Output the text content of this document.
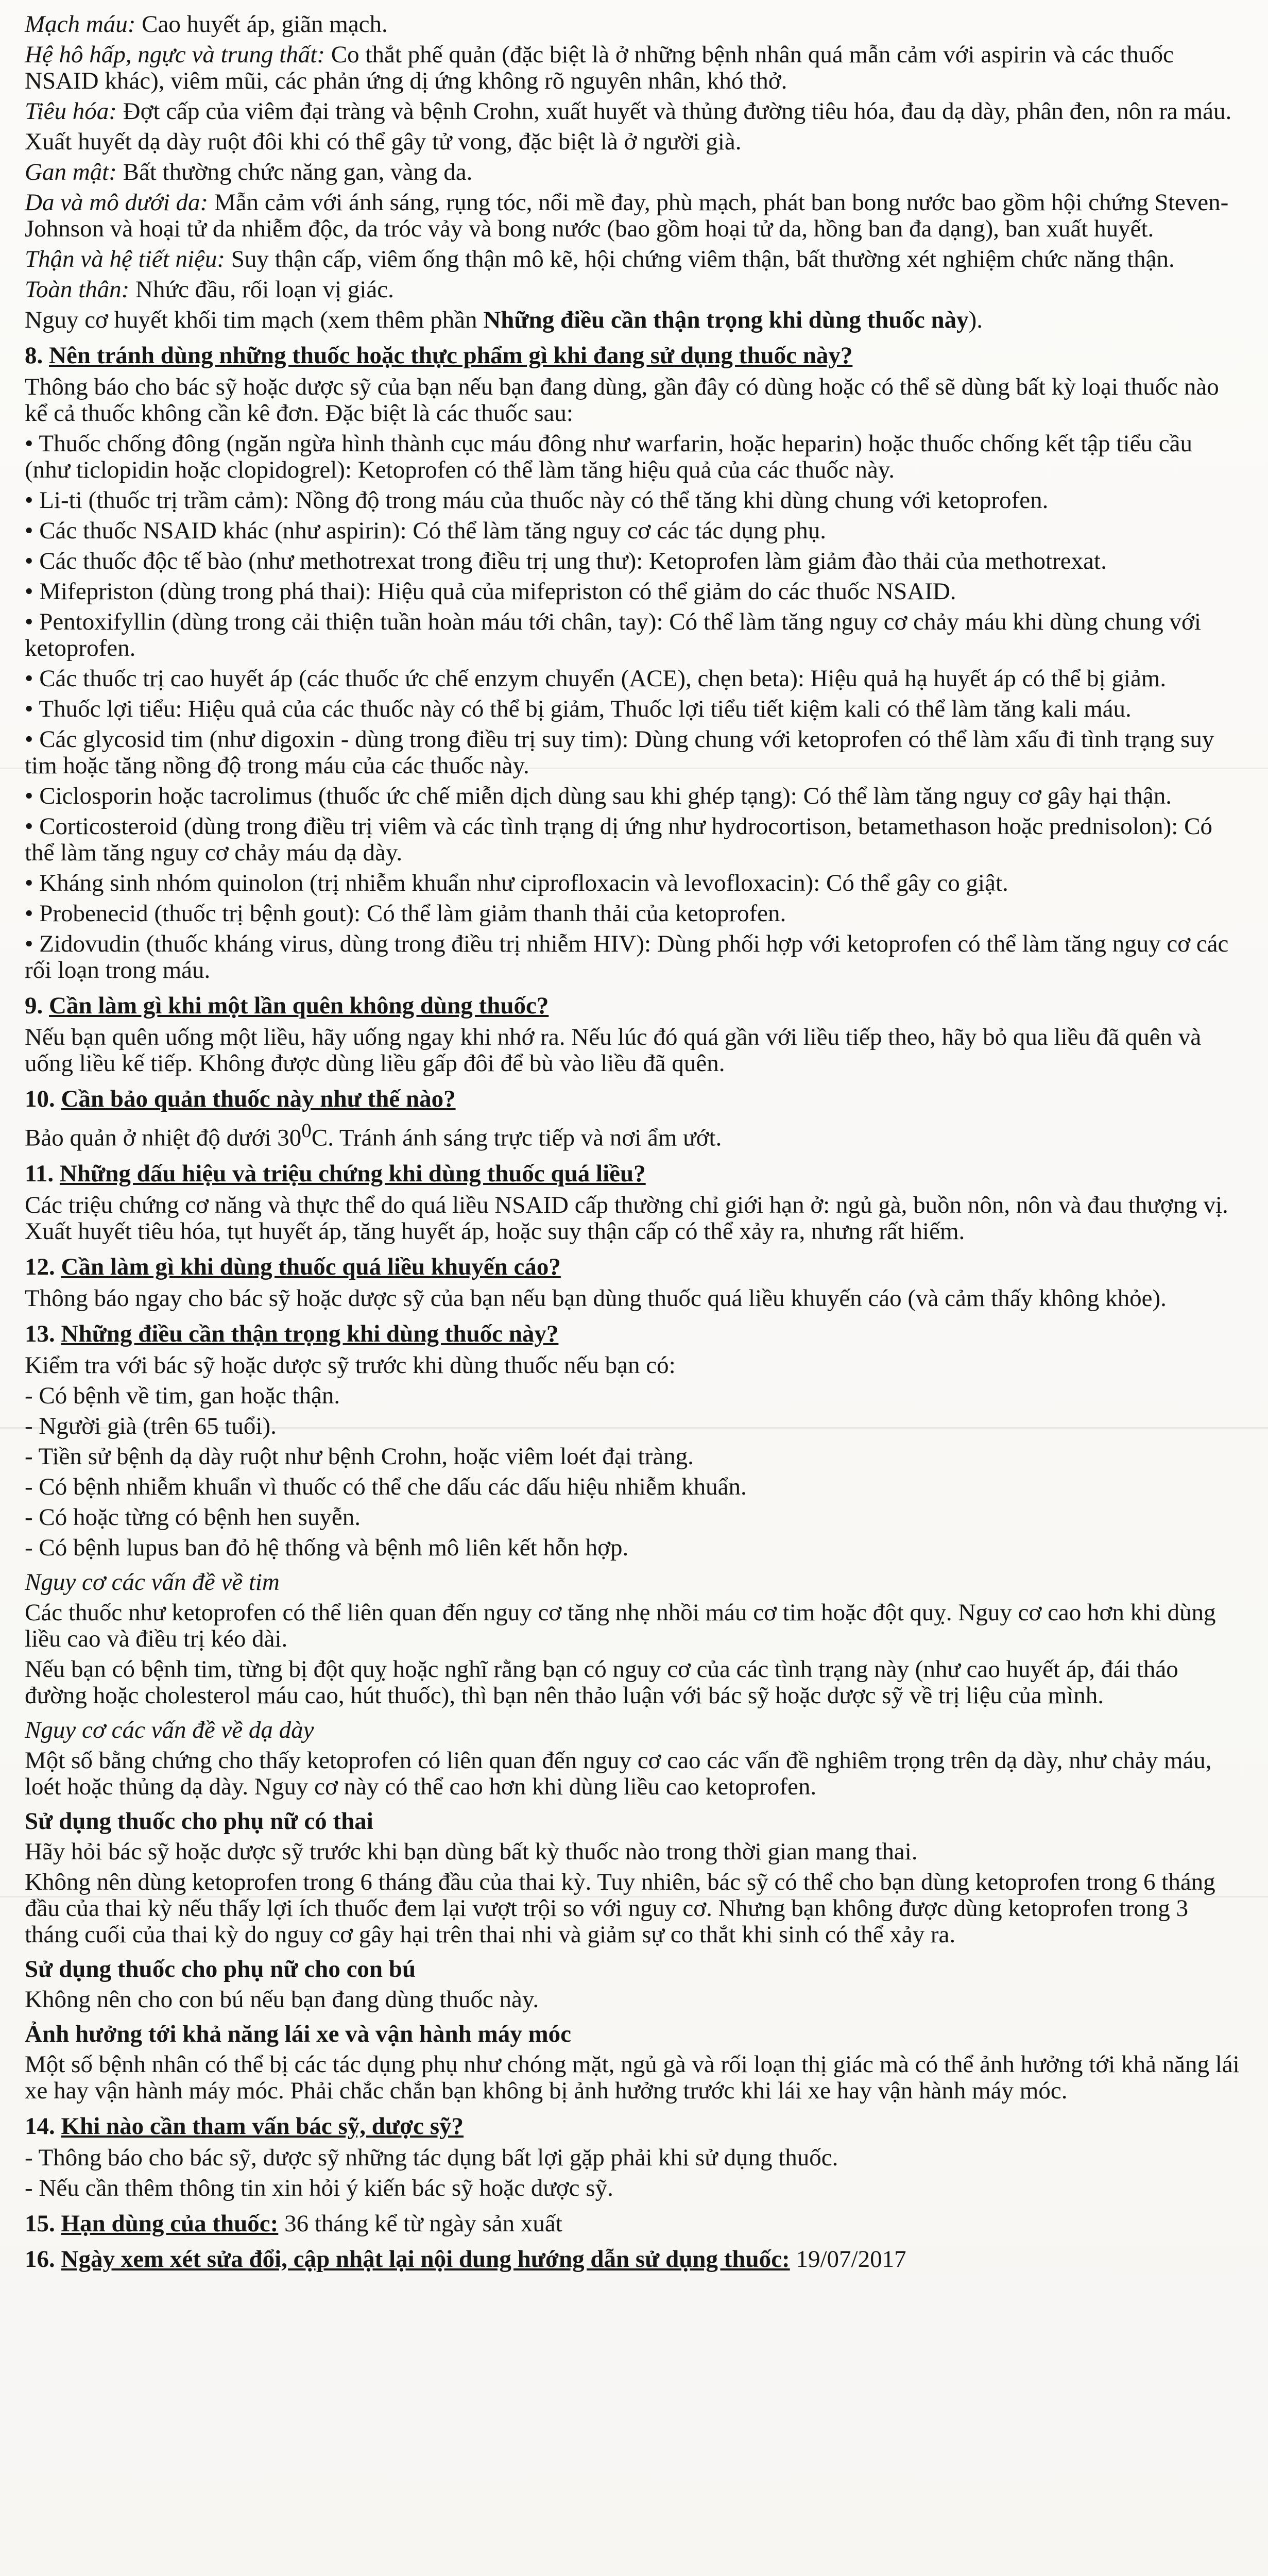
Mạch máu: Cao huyết áp, giãn mạch.

Hệ hô hấp, ngực và trung thất: Co thắt phế quản (đặc biệt là ở những bệnh nhân quá mẫn cảm với aspirin và các thuốc NSAID khác), viêm mũi, các phản ứng dị ứng không rõ nguyên nhân, khó thở.

Tiêu hóa: Đợt cấp của viêm đại tràng và bệnh Crohn, xuất huyết và thủng đường tiêu hóa, đau dạ dày, phân đen, nôn ra máu.

Xuất huyết dạ dày ruột đôi khi có thể gây tử vong, đặc biệt là ở người già.

Gan mật: Bất thường chức năng gan, vàng da.

Da và mô dưới da: Mẫn cảm với ánh sáng, rụng tóc, nổi mề đay, phù mạch, phát ban bong nước bao gồm hội chứng Steven-Johnson và hoại tử da nhiễm độc, da tróc vảy và bong nước (bao gồm hoại tử da, hồng ban đa dạng), ban xuất huyết.

Thận và hệ tiết niệu: Suy thận cấp, viêm ống thận mô kẽ, hội chứng viêm thận, bất thường xét nghiệm chức năng thận.

Toàn thân: Nhức đầu, rối loạn vị giác.

Nguy cơ huyết khối tim mạch (xem thêm phần Những điều cần thận trọng khi dùng thuốc này).

8. Nên tránh dùng những thuốc hoặc thực phẩm gì khi đang sử dụng thuốc này?

Thông báo cho bác sỹ hoặc dược sỹ của bạn nếu bạn đang dùng, gần đây có dùng hoặc có thể sẽ dùng bất kỳ loại thuốc nào kể cả thuốc không cần kê đơn. Đặc biệt là các thuốc sau:

• Thuốc chống đông (ngăn ngừa hình thành cục máu đông như warfarin, hoặc heparin) hoặc thuốc chống kết tập tiểu cầu (như ticlopidin hoặc clopidogrel): Ketoprofen có thể làm tăng hiệu quả của các thuốc này.

• Li-ti (thuốc trị trầm cảm): Nồng độ trong máu của thuốc này có thể tăng khi dùng chung với ketoprofen.

• Các thuốc NSAID khác (như aspirin): Có thể làm tăng nguy cơ các tác dụng phụ.

• Các thuốc độc tế bào (như methotrexat trong điều trị ung thư): Ketoprofen làm giảm đào thải của methotrexat.

• Mifepriston (dùng trong phá thai): Hiệu quả của mifepriston có thể giảm do các thuốc NSAID.

• Pentoxifyllin (dùng trong cải thiện tuần hoàn máu tới chân, tay): Có thể làm tăng nguy cơ chảy máu khi dùng chung với ketoprofen.

• Các thuốc trị cao huyết áp (các thuốc ức chế enzym chuyển (ACE), chẹn beta): Hiệu quả hạ huyết áp có thể bị giảm.

• Thuốc lợi tiểu: Hiệu quả của các thuốc này có thể bị giảm, Thuốc lợi tiểu tiết kiệm kali có thể làm tăng kali máu.

• Các glycosid tim (như digoxin - dùng trong điều trị suy tim): Dùng chung với ketoprofen có thể làm xấu đi tình trạng suy tim hoặc tăng nồng độ trong máu của các thuốc này.

• Ciclosporin hoặc tacrolimus (thuốc ức chế miễn dịch dùng sau khi ghép tạng): Có thể làm tăng nguy cơ gây hại thận.

• Corticosteroid (dùng trong điều trị viêm và các tình trạng dị ứng như hydrocortison, betamethason hoặc prednisolon): Có thể làm tăng nguy cơ chảy máu dạ dày.

• Kháng sinh nhóm quinolon (trị nhiễm khuẩn như ciprofloxacin và levofloxacin): Có thể gây co giật.

• Probenecid (thuốc trị bệnh gout): Có thể làm giảm thanh thải của ketoprofen.

• Zidovudin (thuốc kháng virus, dùng trong điều trị nhiễm HIV): Dùng phối hợp với ketoprofen có thể làm tăng nguy cơ các rối loạn trong máu.

9. Cần làm gì khi một lần quên không dùng thuốc?

Nếu bạn quên uống một liều, hãy uống ngay khi nhớ ra. Nếu lúc đó quá gần với liều tiếp theo, hãy bỏ qua liều đã quên và uống liều kế tiếp. Không được dùng liều gấp đôi để bù vào liều đã quên.

10. Cần bảo quản thuốc này như thế nào?

Bảo quản ở nhiệt độ dưới $30^0C$. Tránh ánh sáng trực tiếp và nơi ẩm ướt.

11. Những dấu hiệu và triệu chứng khi dùng thuốc quá liều?

Các triệu chứng cơ năng và thực thể do quá liều NSAID cấp thường chỉ giới hạn ở: ngủ gà, buồn nôn, nôn và đau thượng vị. Xuất huyết tiêu hóa, tụt huyết áp, tăng huyết áp, hoặc suy thận cấp có thể xảy ra, nhưng rất hiếm.

12. Cần làm gì khi dùng thuốc quá liều khuyến cáo?

Thông báo ngay cho bác sỹ hoặc dược sỹ của bạn nếu bạn dùng thuốc quá liều khuyến cáo (và cảm thấy không khỏe).

13. Những điều cần thận trọng khi dùng thuốc này?

Kiểm tra với bác sỹ hoặc dược sỹ trước khi dùng thuốc nếu bạn có:

- Có bệnh về tim, gan hoặc thận.

- Người già (trên 65 tuổi).

- Tiền sử bệnh dạ dày ruột như bệnh Crohn, hoặc viêm loét đại tràng.

- Có bệnh nhiễm khuẩn vì thuốc có thể che dấu các dấu hiệu nhiễm khuẩn.

- Có hoặc từng có bệnh hen suyễn.

- Có bệnh lupus ban đỏ hệ thống và bệnh mô liên kết hỗn hợp.

Nguy cơ các vấn đề về tim

Các thuốc như ketoprofen có thể liên quan đến nguy cơ tăng nhẹ nhồi máu cơ tim hoặc đột quỵ. Nguy cơ cao hơn khi dùng liều cao và điều trị kéo dài.

Nếu bạn có bệnh tim, từng bị đột quỵ hoặc nghĩ rằng bạn có nguy cơ của các tình trạng này (như cao huyết áp, đái tháo đường hoặc cholesterol máu cao, hút thuốc), thì bạn nên thảo luận với bác sỹ hoặc dược sỹ về trị liệu của mình.

Nguy cơ các vấn đề về dạ dày

Một số bằng chứng cho thấy ketoprofen có liên quan đến nguy cơ cao các vấn đề nghiêm trọng trên dạ dày, như chảy máu, loét hoặc thủng dạ dày. Nguy cơ này có thể cao hơn khi dùng liều cao ketoprofen.

Sử dụng thuốc cho phụ nữ có thai

Hãy hỏi bác sỹ hoặc dược sỹ trước khi bạn dùng bất kỳ thuốc nào trong thời gian mang thai.

Không nên dùng ketoprofen trong 6 tháng đầu của thai kỳ. Tuy nhiên, bác sỹ có thể cho bạn dùng ketoprofen trong 6 tháng đầu của thai kỳ nếu thấy lợi ích thuốc đem lại vượt trội so với nguy cơ. Nhưng bạn không được dùng ketoprofen trong 3 tháng cuối của thai kỳ do nguy cơ gây hại trên thai nhi và giảm sự co thắt khi sinh có thể xảy ra.

Sử dụng thuốc cho phụ nữ cho con bú

Không nên cho con bú nếu bạn đang dùng thuốc này.

Ảnh hưởng tới khả năng lái xe và vận hành máy móc

Một số bệnh nhân có thể bị các tác dụng phụ như chóng mặt, ngủ gà và rối loạn thị giác mà có thể ảnh hưởng tới khả năng lái xe hay vận hành máy móc. Phải chắc chắn bạn không bị ảnh hưởng trước khi lái xe hay vận hành máy móc.

14. Khi nào cần tham vấn bác sỹ, dược sỹ?

- Thông báo cho bác sỹ, dược sỹ những tác dụng bất lợi gặp phải khi sử dụng thuốc.

- Nếu cần thêm thông tin xin hỏi ý kiến bác sỹ hoặc dược sỹ.

15. Hạn dùng của thuốc: 36 tháng kể từ ngày sản xuất

16. Ngày xem xét sửa đổi, cập nhật lại nội dung hướng dẫn sử dụng thuốc: 19/07/2017
